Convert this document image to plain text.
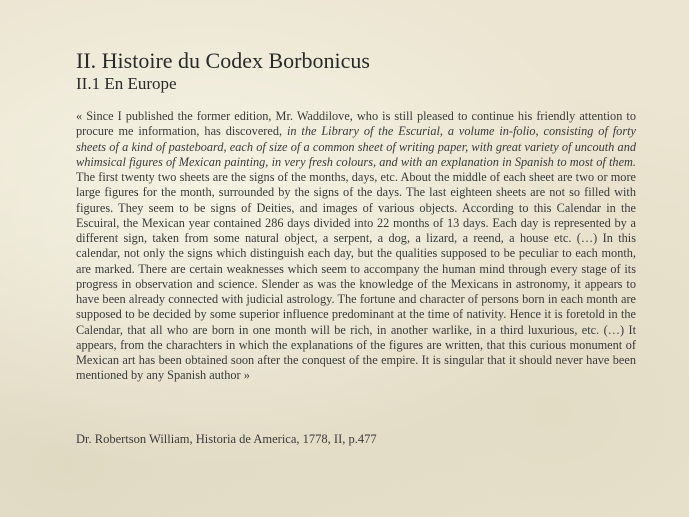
II. Histoire du Codex Borbonicus
II.1 En Europe

« Since I published the former edition, Mr. Waddilove, who is still pleased to continue his friendly attention to procure me information, has discovered, in the Library of the Escurial, a volume in-folio, consisting of forty sheets of a kind of pasteboard, each of size of a common sheet of writing paper, with great variety of uncouth and whimsical figures of Mexican painting, in very fresh colours, and with an explanation in Spanish to most of them. The first twenty two sheets are the signs of the months, days, etc. About the middle of each sheet are two or more large figures for the month, surrounded by the signs of the days. The last eighteen sheets are not so filled with figures. They seem to be signs of Deities, and images of various objects. According to this Calendar in the Escuiral, the Mexican year contained 286 days divided into 22 months of 13 days. Each day is represented by a different sign, taken from some natural object, a serpent, a dog, a lizard, a reend, a house etc. (…) In this calendar, not only the signs which distinguish each day, but the qualities supposed to be peculiar to each month, are marked. There are certain weaknesses which seem to accompany the human mind through every stage of its progress in observation and science. Slender as was the knowledge of the Mexicans in astronomy, it appears to have been already connected with judicial astrology. The fortune and character of persons born in each month are supposed to be decided by some superior influence predominant at the time of nativity. Hence it is foretold in the Calendar, that all who are born in one month will be rich, in another warlike, in a third luxurious, etc. (…) It appears, from the charachters in which the explanations of the figures are written, that this curious monument of Mexican art has been obtained soon after the conquest of the empire. It is singular that it should never have been mentioned by any Spanish author »

Dr. Robertson William, Historia de America, 1778, II, p.477
